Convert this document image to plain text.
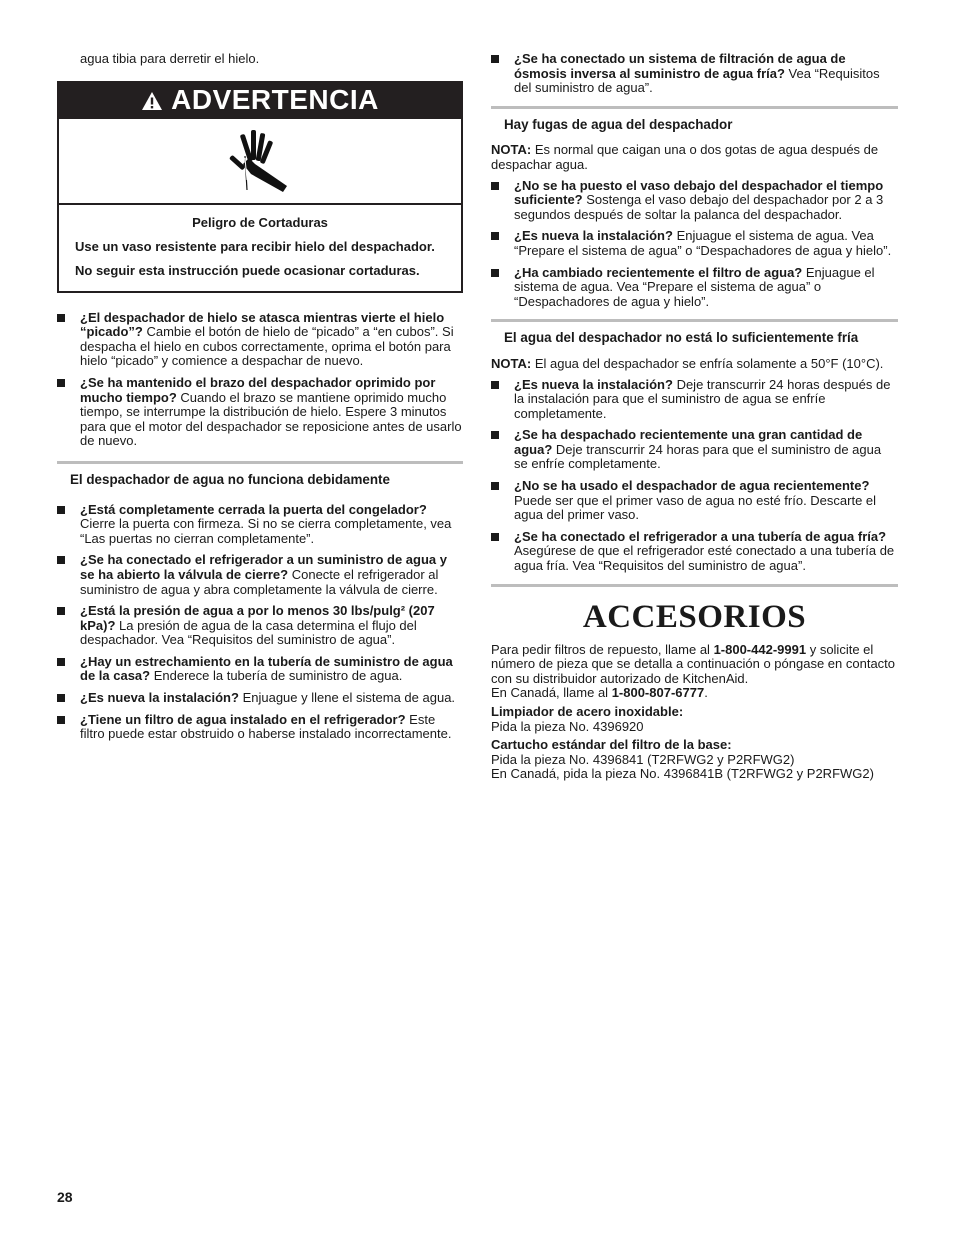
agua tibia para derretir el hielo.

ADVERTENCIA

Peligro de Cortaduras

Use un vaso resistente para recibir hielo del despachador.

No seguir esta instrucción puede ocasionar cortaduras.

¿El despachador de hielo se atasca mientras vierte el hielo “picado”? Cambie el botón de hielo de “picado” a “en cubos”. Si despacha el hielo en cubos correctamente, oprima el botón para hielo “picado” y comience a despachar de nuevo.
¿Se ha mantenido el brazo del despachador oprimido por mucho tiempo? Cuando el brazo se mantiene oprimido mucho tiempo, se interrumpe la distribución de hielo. Espere 3 minutos para que el motor del despachador se reposicione antes de usarlo de nuevo.
El despachador de agua no funciona debidamente
¿Está completamente cerrada la puerta del congelador? Cierre la puerta con firmeza. Si no se cierra completamente, vea “Las puertas no cierran completamente”.
¿Se ha conectado el refrigerador a un suministro de agua y se ha abierto la válvula de cierre? Conecte el refrigerador al suministro de agua y abra completamente la válvula de cierre.
¿Está la presión de agua a por lo menos 30 lbs/pulg² (207 kPa)? La presión de agua de la casa determina el flujo del despachador. Vea “Requisitos del suministro de agua”.
¿Hay un estrechamiento en la tubería de suministro de agua de la casa? Enderece la tubería de suministro de agua.
¿Es nueva la instalación? Enjuague y llene el sistema de agua.
¿Tiene un filtro de agua instalado en el refrigerador? Este filtro puede estar obstruido o haberse instalado incorrectamente.
¿Se ha conectado un sistema de filtración de agua de ósmosis inversa al suministro de agua fría? Vea “Requisitos del suministro de agua”.
Hay fugas de agua del despachador

NOTA: Es normal que caigan una o dos gotas de agua después de despachar agua.

¿No se ha puesto el vaso debajo del despachador el tiempo suficiente? Sostenga el vaso debajo del despachador por 2 a 3 segundos después de soltar la palanca del despachador.
¿Es nueva la instalación? Enjuague el sistema de agua. Vea “Prepare el sistema de agua” o “Despachadores de agua y hielo”.
¿Ha cambiado recientemente el filtro de agua? Enjuague el sistema de agua. Vea “Prepare el sistema de agua” o “Despachadores de agua y hielo”.
El agua del despachador no está lo suficientemente fría

NOTA: El agua del despachador se enfría solamente a 50°F (10°C).

¿Es nueva la instalación? Deje transcurrir 24 horas después de la instalación para que el suministro de agua se enfríe completamente.
¿Se ha despachado recientemente una gran cantidad de agua? Deje transcurrir 24 horas para que el suministro de agua se enfríe completamente.
¿No se ha usado el despachador de agua recientemente? Puede ser que el primer vaso de agua no esté frío. Descarte el agua del primer vaso.
¿Se ha conectado el refrigerador a una tubería de agua fría? Asegúrese de que el refrigerador esté conectado a una tubería de agua fría. Vea “Requisitos del suministro de agua”.
ACCESORIOS

Para pedir filtros de repuesto, llame al 1-800-442-9991 y solicite el número de pieza que se detalla a continuación o póngase en contacto con su distribuidor autorizado de KitchenAid.
En Canadá, llame al 1-800-807-6777.

Limpiador de acero inoxidable:
Pida la pieza No. 4396920

Cartucho estándar del filtro de la base:
Pida la pieza No. 4396841 (T2RFWG2 y P2RFWG2)
En Canadá, pida la pieza No. 4396841B (T2RFWG2 y P2RFWG2)

28
